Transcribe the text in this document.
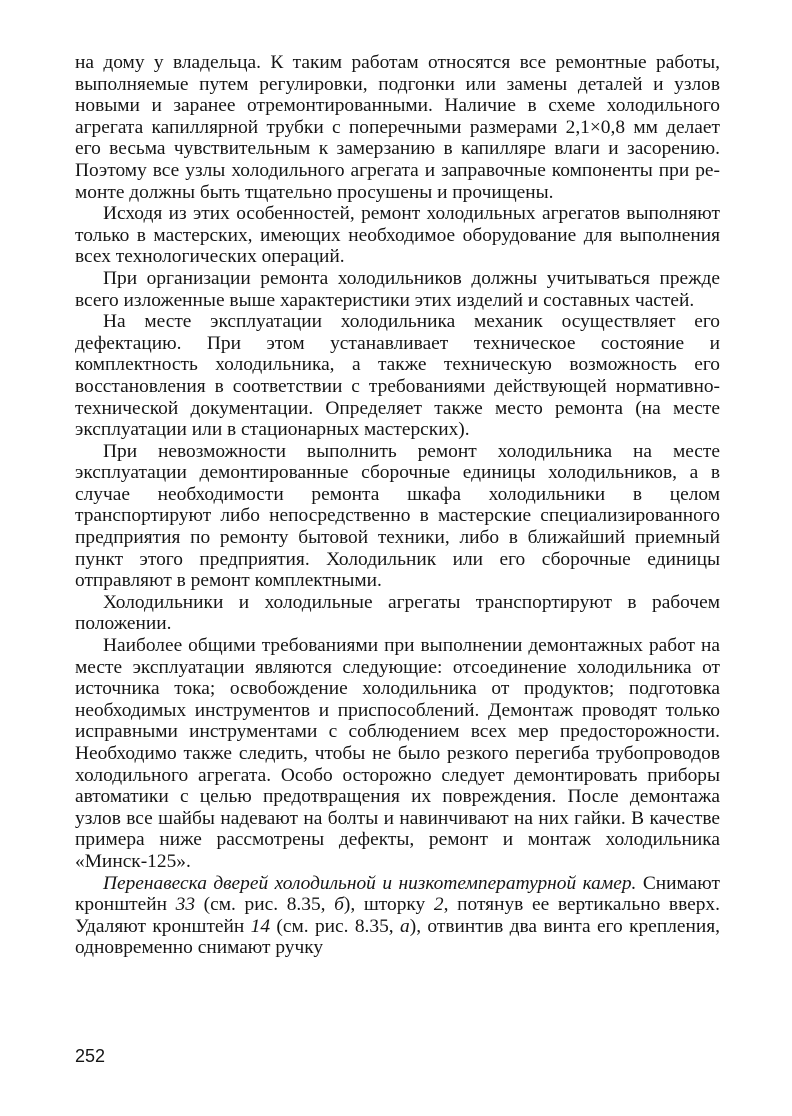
на дому у владельца. К таким работам относятся все ремонтные работы, выполняемые путем регулировки, подгонки или замены деталей и узлов новыми и заранее отремонтированными. Наличие в схеме холодильного агрегата капиллярной трубки с поперечными размерами 2,1×0,8 мм делает его весьма чувствительным к замерзанию в капилляре влаги и засорению. Поэтому все узлы холодильного агрегата и заправочные компоненты при ремонте должны быть тщательно просушены и прочищены.

Исходя из этих особенностей, ремонт холодильных агрегатов выполняют только в мастерских, имеющих необходимое оборудование для выполнения всех технологических операций.

При организации ремонта холодильников должны учитываться прежде всего изложенные выше характеристики этих изделий и составных частей.

На месте эксплуатации холодильника механик осуществляет его дефектацию. При этом устанавливает техническое состояние и комплектность холодильника, а также техническую возможность его восстановления в соответствии с требованиями действующей нормативно-технической документации. Определяет также место ремонта (на месте эксплуатации или в стационарных мастерских).

При невозможности выполнить ремонт холодильника на месте эксплуатации демонтированные сборочные единицы холодильников, а в случае необходимости ремонта шкафа холодильники в целом транспортируют либо непосредственно в мастерские специализированного предприятия по ремонту бытовой техники, либо в ближайший приемный пункт этого предприятия. Холодильник или его сборочные единицы отправляют в ремонт комплектными.

Холодильники и холодильные агрегаты транспортируют в рабочем положении.

Наиболее общими требованиями при выполнении демонтажных работ на месте эксплуатации являются следующие: отсоединение холодильника от источника тока; освобождение холодильника от продуктов; подготовка необходимых инструментов и приспособлений. Демонтаж проводят только исправными инструментами с соблюдением всех мер предосторожности. Необходимо также следить, чтобы не было резкого перегиба трубопроводов холодильного агрегата. Особо осторожно следует демонтировать приборы автоматики с целью предотвращения их повреждения. После демонтажа узлов все шайбы надевают на болты и навинчивают на них гайки. В качестве примера ниже рассмотрены дефекты, ремонт и монтаж холодильника «Минск-125».

Перенавеска дверей холодильной и низкотемпературной камер. Снимают кронштейн 33 (см. рис. 8.35, б), шторку 2, потянув ее вертикально вверх. Удаляют кронштейн 14 (см. рис. 8.35, а), отвинтив два винта его крепления, одновременно снимают ручку

252
